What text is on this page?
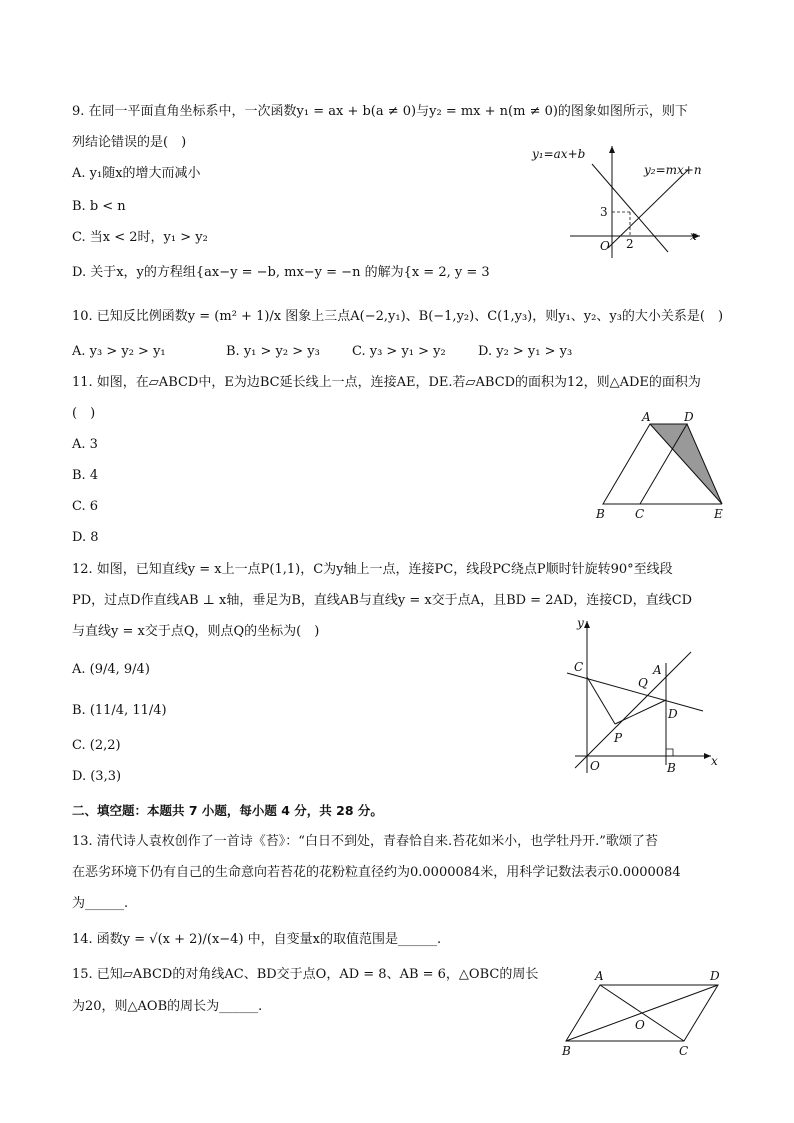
9. 在同一平面直角坐标系中，一次函数y₁ = ax + b(a ≠ 0)与y₂ = mx + n(m ≠ 0)的图象如图所示，则下
列结论错误的是(　)
A. y₁随x的增大而减小
B. b < n
C. 当x < 2时，y₁ > y₂
D. 关于x，y的方程组{ax−y = −b, mx−y = −n 的解为{x = 2, y = 3
y₁=ax+b
y₂=mx+n
3
2
O
x
10. 已知反比例函数y = (m² + 1)/x 图象上三点A(−2,y₁)、B(−1,y₂)、C(1,y₃)，则y₁、y₂、y₃的大小关系是(　)
A. y₃ > y₂ > y₁	B. y₁ > y₂ > y₃ C. y₃ > y₁ > y₂ D. y₂ > y₁ > y₃
11. 如图，在▱ABCD中，E为边BC延长线上一点，连接AE，DE.若▱ABCD的面积为12，则△ADE的面积为
(　)
A. 3
B. 4
C. 6
D. 8
A	D
B	C	E
12. 如图，已知直线y = x上一点P(1,1)，C为y轴上一点，连接PC，线段PC绕点P顺时针旋转90°至线段
PD，过点D作直线AB ⊥ x轴，垂足为B，直线AB与直线y = x交于点A，且BD = 2AD，连接CD，直线CD
与直线y = x交于点Q，则点Q的坐标为(　)
A. (9/4, 9/4)
B. (11/4, 11/4)
C. (2,2)
D. (3,3)
y
x
C	A
Q
D
P
O	B
二、填空题：本题共 7 小题，每小题 4 分，共 28 分。
13. 清代诗人袁枚创作了一首诗《苔》：“白日不到处，青春恰自来.苔花如米小，也学牡丹开.”歌颂了苔
在恶劣环境下仍有自己的生命意向若苔花的花粉粒直径约为0.0000084米，用科学记数法表示0.0000084
为______.
14. 函数y = √(x + 2)/(x−4) 中，自变量x的取值范围是______.
15. 已知▱ABCD的对角线AC、BD交于点O，AD = 8、AB = 6，△OBC的周长
为20，则△AOB的周长为______.
A	D
O
B	C
